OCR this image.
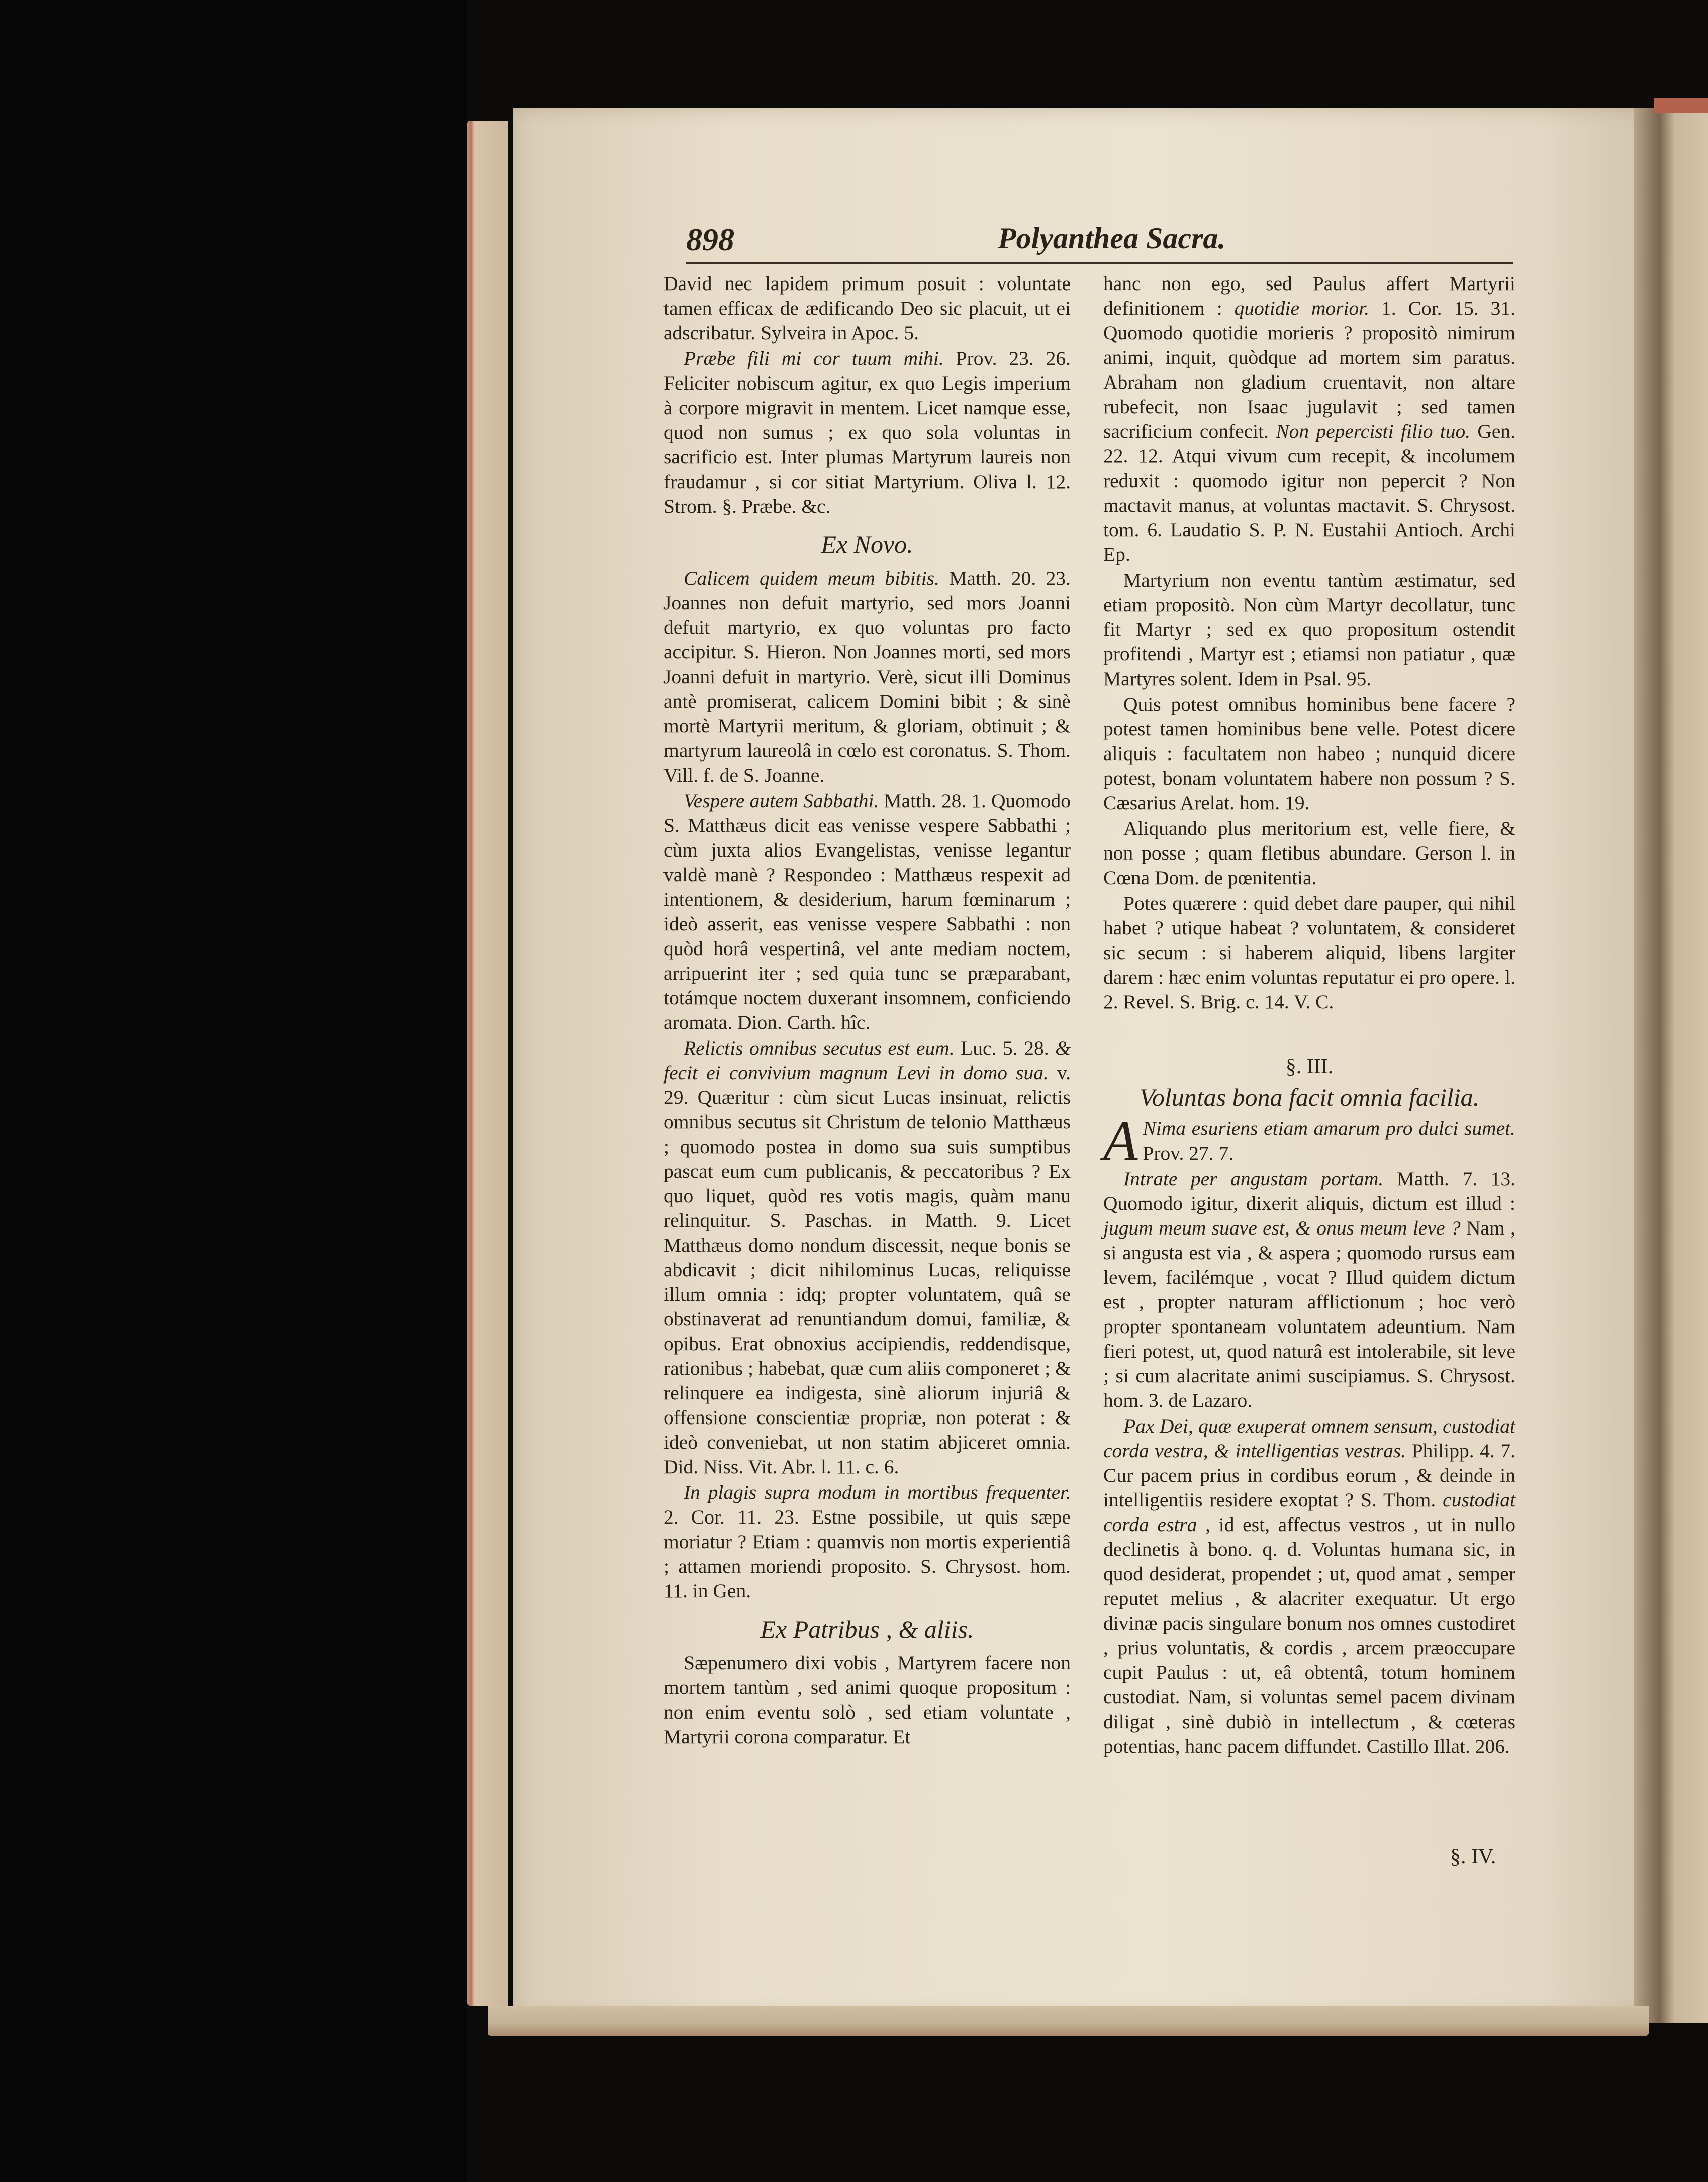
898	Polyanthea Sacra.

David nec lapidem primum posuit : voluntate tamen efficax de ædificando Deo sic placuit, ut ei adscribatur. Sylveira in Apoc. 5.

Præbe fili mi cor tuum mihi. Prov. 23. 26. Feliciter nobiscum agitur, ex quo Legis imperium à corpore migravit in mentem. Licet namque esse, quod non sumus ; ex quo sola voluntas in sacrificio est. Inter plumas Martyrum laureis non fraudamur , si cor sitiat Martyrium. Oliva l. 12. Strom. §. Præbe. &c.

Ex Novo.

Calicem quidem meum bibitis. Matth. 20. 23. Joannes non defuit martyrio, sed mors Joanni defuit martyrio, ex quo voluntas pro facto accipitur. S. Hieron. Non Joannes morti, sed mors Joanni defuit in martyrio. Verè, sicut illi Dominus antè promiserat, calicem Domini bibit ; & sinè mortè Martyrii meritum, & gloriam, obtinuit ; & martyrum laureolâ in cœlo est coronatus. S. Thom. Vill. f. de S. Joanne.

Vespere autem Sabbathi. Matth. 28. 1. Quomodo S. Matthæus dicit eas venisse vespere Sabbathi ; cùm juxta alios Evangelistas, venisse legantur valdè manè ? Respondeo : Matthæus respexit ad intentionem, & desiderium, harum fœminarum ; ideò asserit, eas venisse vespere Sabbathi : non quòd horâ vespertinâ, vel ante mediam noctem, arripuerint iter ; sed quia tunc se præparabant, totámque noctem duxerant insomnem, conficiendo aromata. Dion. Carth. hîc.

Relictis omnibus secutus est eum. Luc. 5. 28. & fecit ei convivium magnum Levi in domo sua. v. 29. Quæritur : cùm sicut Lucas insinuat, relictis omnibus secutus sit Christum de telonio Matthæus ; quomodo postea in domo sua suis sumptibus pascat eum cum publicanis, & peccatoribus ? Ex quo liquet, quòd res votis magis, quàm manu relinquitur. S. Paschas. in Matth. 9. Licet Matthæus domo nondum discessit, neque bonis se abdicavit ; dicit nihilominus Lucas, reliquisse illum omnia : idq; propter voluntatem, quâ se obstinaverat ad renuntiandum domui, familiæ, & opibus. Erat obnoxius accipiendis, reddendisque, rationibus ; habebat, quæ cum aliis componeret ; & relinquere ea indigesta, sinè aliorum injuriâ & offensione conscientiæ propriæ, non poterat : & ideò conveniebat, ut non statim abjiceret omnia. Did. Niss. Vit. Abr. l. 11. c. 6.

In plagis supra modum in mortibus frequenter. 2. Cor. 11. 23. Estne possibile, ut quis sæpe moriatur ? Etiam : quamvis non mortis experientiâ ; attamen moriendi proposito. S. Chrysost. hom. 11. in Gen.

Ex Patribus , & aliis.

Sæpenumero dixi vobis , Martyrem facere non mortem tantùm , sed animi quoque propositum : non enim eventu solò , sed etiam voluntate , Martyrii corona comparatur. Et

hanc non ego, sed Paulus affert Martyrii definitionem : quotidie morior. 1. Cor. 15. 31. Quomodo quotidie morieris ? propositò nimirum animi, inquit, quòdque ad mortem sim paratus. Abraham non gladium cruentavit, non altare rubefecit, non Isaac jugulavit ; sed tamen sacrificium confecit. Non pepercisti filio tuo. Gen. 22. 12. Atqui vivum cum recepit, & incolumem reduxit : quomodo igitur non pepercit ? Non mactavit manus, at voluntas mactavit. S. Chrysost. tom. 6. Laudatio S. P. N. Eustahii Antioch. Archi Ep.

Martyrium non eventu tantùm æstimatur, sed etiam propositò. Non cùm Martyr decollatur, tunc fit Martyr ; sed ex quo propositum ostendit profitendi , Martyr est ; etiamsi non patiatur , quæ Martyres solent. Idem in Psal. 95.

Quis potest omnibus hominibus bene facere ? potest tamen hominibus bene velle. Potest dicere aliquis : facultatem non habeo ; nunquid dicere potest, bonam voluntatem habere non possum ? S. Cæsarius Arelat. hom. 19.

Aliquando plus meritorium est, velle fiere, & non posse ; quam fletibus abundare. Gerson l. in Cœna Dom. de pœnitentia.

Potes quærere : quid debet dare pauper, qui nihil habet ? utique habeat ? voluntatem, & consideret sic secum : si haberem aliquid, libens largiter darem : hæc enim voluntas reputatur ei pro opere. l. 2. Revel. S. Brig. c. 14. V. C.

§. III.
Voluntas bona facit omnia facilia.

A Nima esuriens etiam amarum pro dulci sumet. Prov. 27. 7.

Intrate per angustam portam. Matth. 7. 13. Quomodo igitur, dixerit aliquis, dictum est illud : jugum meum suave est, & onus meum leve ? Nam , si angusta est via , & aspera ; quomodo rursus eam levem, facilémque , vocat ? Illud quidem dictum est , propter naturam afflictionum ; hoc verò propter spontaneam voluntatem adeuntium. Nam fieri potest, ut, quod naturâ est intolerabile, sit leve ; si cum alacritate animi suscipiamus. S. Chrysost. hom. 3. de Lazaro.

Pax Dei, quæ exuperat omnem sensum, custodiat corda vestra, & intelligentias vestras. Philipp. 4. 7. Cur pacem prius in cordibus eorum , & deinde in intelligentiis residere exoptat ? S. Thom. custodiat corda estra , id est, affectus vestros , ut in nullo declinetis à bono. q. d. Voluntas humana sic, in quod desiderat, propendet ; ut, quod amat , semper reputet melius , & alacriter exequatur. Ut ergo divinæ pacis singulare bonum nos omnes custodiret , prius voluntatis, & cordis , arcem præoccupare cupit Paulus : ut, eâ obtentâ, totum hominem custodiat. Nam, si voluntas semel pacem divinam diligat , sinè dubiò in intellectum , & cœteras potentias, hanc pacem diffundet. Castillo Illat. 206.

§. IV.
